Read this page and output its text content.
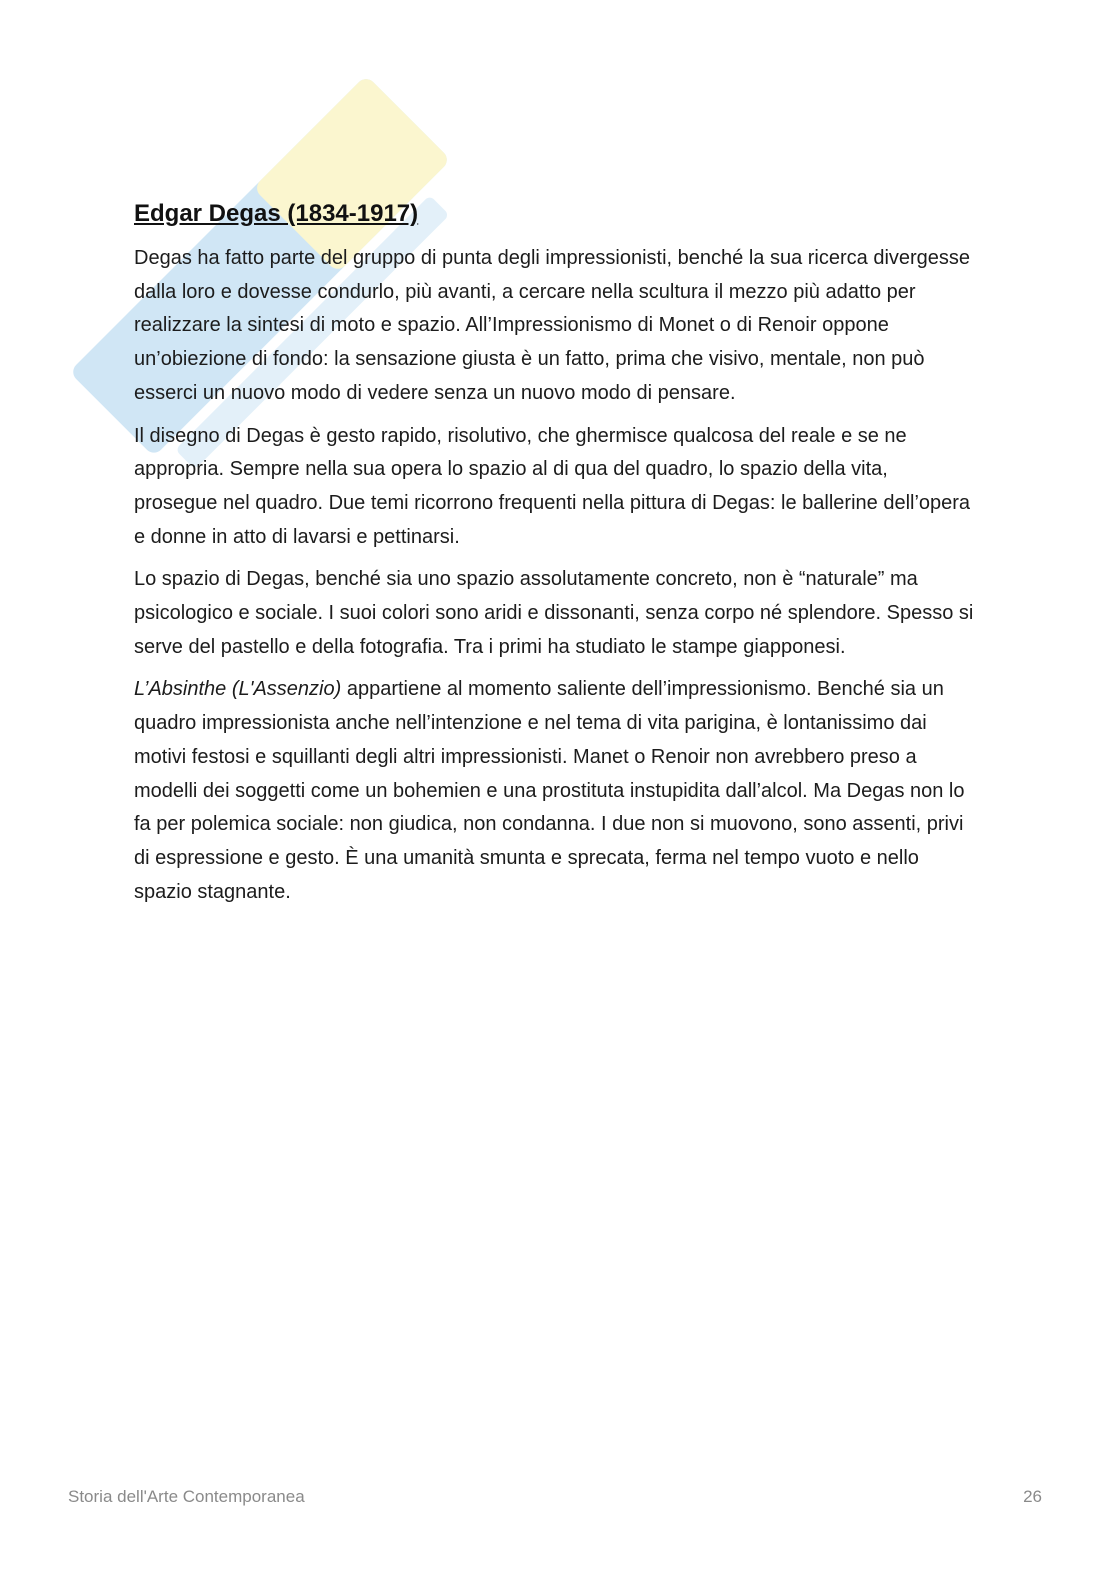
Edgar Degas (1834-1917)

Degas ha fatto parte del gruppo di punta degli impressionisti, benché la sua ricerca divergesse dalla loro e dovesse condurlo, più avanti, a cercare nella scultura il mezzo più adatto per realizzare la sintesi di moto e spazio. All’Impressionismo di Monet o di Renoir oppone un’obiezione di fondo: la sensazione giusta è un fatto, prima che visivo, mentale, non può esserci un nuovo modo di vedere senza un nuovo modo di pensare.

Il disegno di Degas è gesto rapido, risolutivo, che ghermisce qualcosa del reale e se ne appropria. Sempre nella sua opera lo spazio al di qua del quadro, lo spazio della vita, prosegue nel quadro. Due temi ricorrono frequenti nella pittura di Degas: le ballerine dell’opera e donne in atto di lavarsi e pettinarsi.

Lo spazio di Degas, benché sia uno spazio assolutamente concreto, non è “naturale” ma psicologico e sociale. I suoi colori sono aridi e dissonanti, senza corpo né splendore. Spesso si serve del pastello e della fotografia. Tra i primi ha studiato le stampe giapponesi.

L’Absinthe (L'Assenzio) appartiene al momento saliente dell’impressionismo. Benché sia un quadro impressionista anche nell’intenzione e nel tema di vita parigina, è lontanissimo dai motivi festosi e squillanti degli altri impressionisti. Manet o Renoir non avrebbero preso a modelli dei soggetti come un bohemien e una prostituta instupidita dall’alcol. Ma Degas non lo fa per polemica sociale: non giudica, non condanna. I due non si muovono, sono assenti, privi di espressione e gesto. È una umanità smunta e sprecata, ferma nel tempo vuoto e nello spazio stagnante.

Storia dell'Arte Contemporanea	26
